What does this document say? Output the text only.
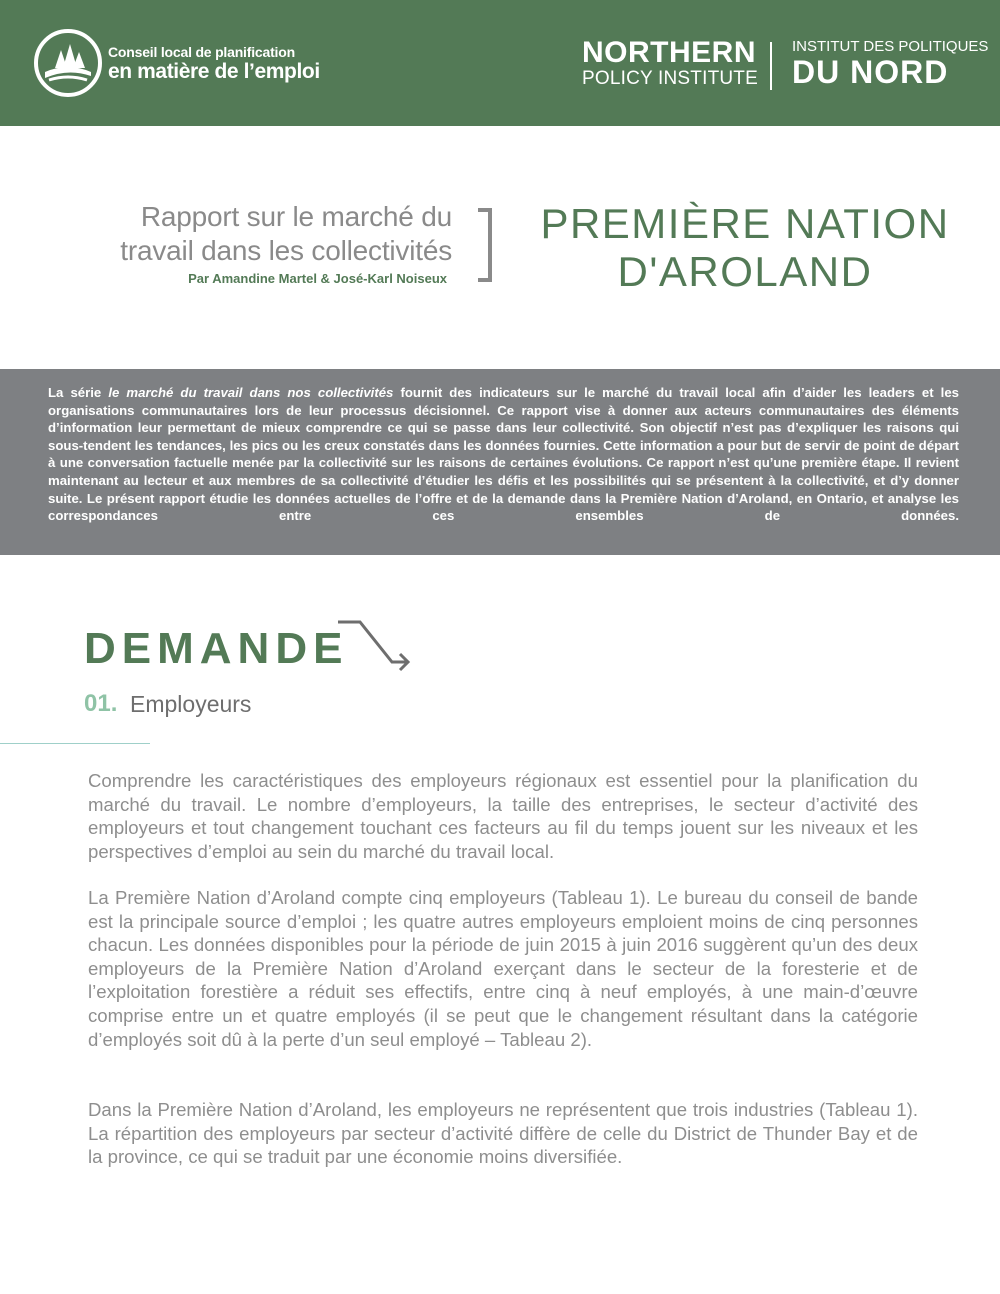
Conseil local de planification
en matière de l’emploi
NORTHERN
POLICY INSTITUTE
INSTITUT DES POLITIQUES
DU NORD
Rapport sur le marché du
travail dans les collectivités
Par Amandine Martel & José-Karl Noiseux
PREMIÈRE NATION
D'AROLAND
La série le marché du travail dans nos collectivités fournit des indicateurs sur le marché du travail local afin d’aider les leaders et les organisations communautaires lors de leur processus décisionnel. Ce rapport vise à donner aux acteurs communautaires des éléments d’information leur permettant de mieux comprendre ce qui se passe dans leur collectivité. Son objectif n’est pas d’expliquer les raisons qui sous-tendent les tendances, les pics ou les creux constatés dans les données fournies. Cette information a pour but de servir de point de départ à une conversation factuelle menée par la collectivité sur les raisons de certaines évolutions. Ce rapport n’est qu’une première étape. Il revient maintenant au lecteur et aux membres de sa collectivité d’étudier les défis et les possibilités qui se présentent à la collectivité, et d’y donner suite. Le présent rapport étudie les données actuelles de l’offre et de la demande dans la Première Nation d’Aroland, en Ontario, et analyse les correspondances entre ces ensembles de données.
DEMANDE
01. Employeurs
Comprendre les caractéristiques des employeurs régionaux est essentiel pour la planification du marché du travail. Le nombre d’employeurs, la taille des entreprises, le secteur d’activité des employeurs et tout changement touchant ces facteurs au fil du temps jouent sur les niveaux et les perspectives d’emploi au sein du marché du travail local.
La Première Nation d’Aroland compte cinq employeurs (Tableau 1). Le bureau du conseil de bande est la principale source d’emploi ; les quatre autres employeurs emploient moins de cinq personnes chacun. Les données disponibles pour la période de juin 2015 à juin 2016 suggèrent qu’un des deux employeurs de la Première Nation d’Aroland exerçant dans le secteur de la foresterie et de l’exploitation forestière a réduit ses effectifs, entre cinq à neuf employés, à une main-d’œuvre comprise entre un et quatre employés (il se peut que le changement résultant dans la catégorie d’employés soit dû à la perte d’un seul employé – Tableau 2).
Dans la Première Nation d’Aroland, les employeurs ne représentent que trois industries (Tableau 1). La répartition des employeurs par secteur d’activité diffère de celle du District de Thunder Bay et de la province, ce qui se traduit par une économie moins diversifiée.
